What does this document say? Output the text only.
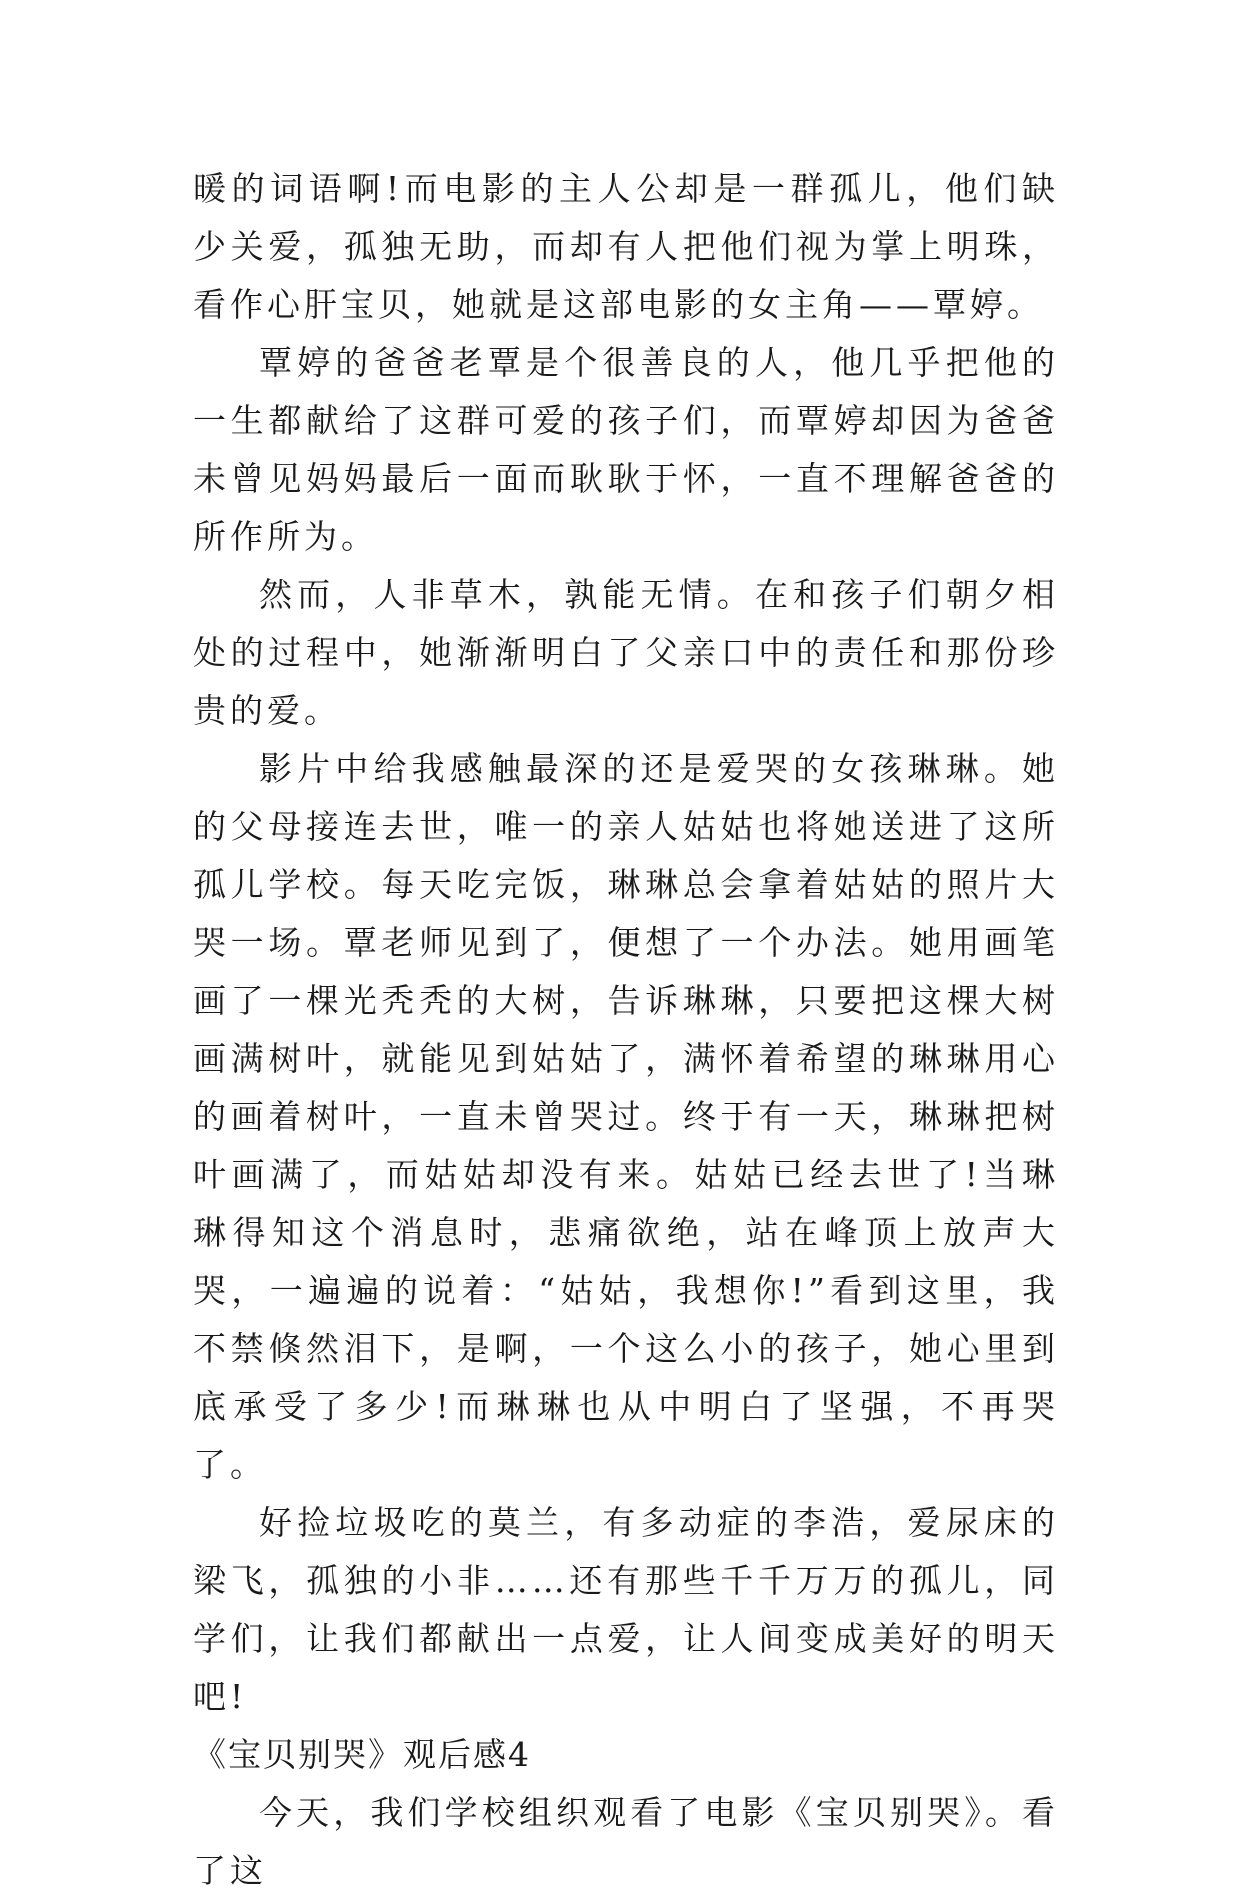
暖的词语啊!而电影的主人公却是一群孤儿，他们缺少关爱，孤独无助，而却有人把他们视为掌上明珠，看作心肝宝贝，她就是这部电影的女主角——覃婷。

覃婷的爸爸老覃是个很善良的人，他几乎把他的一生都献给了这群可爱的孩子们，而覃婷却因为爸爸未曾见妈妈最后一面而耿耿于怀，一直不理解爸爸的所作所为。

然而，人非草木，孰能无情。在和孩子们朝夕相处的过程中，她渐渐明白了父亲口中的责任和那份珍贵的爱。

影片中给我感触最深的还是爱哭的女孩琳琳。她的父母接连去世，唯一的亲人姑姑也将她送进了这所孤儿学校。每天吃完饭，琳琳总会拿着姑姑的照片大哭一场。覃老师见到了，便想了一个办法。她用画笔画了一棵光秃秃的大树，告诉琳琳，只要把这棵大树画满树叶，就能见到姑姑了，满怀着希望的琳琳用心的画着树叶，一直未曾哭过。终于有一天，琳琳把树叶画满了，而姑姑却没有来。姑姑已经去世了!当琳琳得知这个消息时，悲痛欲绝，站在峰顶上放声大哭，一遍遍的说着：“姑姑，我想你!”看到这里，我不禁倏然泪下，是啊，一个这么小的孩子，她心里到底承受了多少!而琳琳也从中明白了坚强，不再哭了。

好捡垃圾吃的莫兰，有多动症的李浩，爱尿床的梁飞，孤独的小非……还有那些千千万万的孤儿，同学们，让我们都献出一点爱，让人间变成美好的明天吧!

《宝贝别哭》观后感4

今天，我们学校组织观看了电影《宝贝别哭》。看了这
